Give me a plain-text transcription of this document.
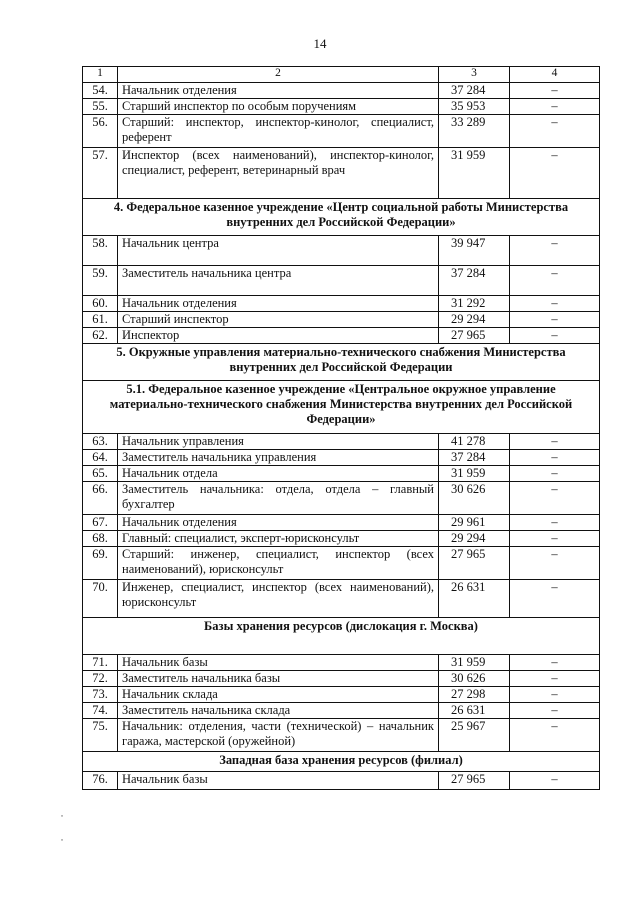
14
1	2	3	4
54.	Начальник отделения	37 284	–
55.	Старший инспектор по особым поручениям	35 953	–
56.	Старший: инспектор, инспектор-кинолог, специалист, референт	33 289	–
57.	Инспектор (всех наименований), инспектор-кинолог, специалист, референт, ветеринарный врач	31 959	–
4. Федеральное казенное учреждение «Центр социальной работы Министерства внутренних дел Российской Федерации»			
58.	Начальник центра	39 947	–
59.	Заместитель начальника центра	37 284	–
60.	Начальник отделения	31 292	–
61.	Старший инспектор	29 294	–
62.	Инспектор	27 965	–
5. Окружные управления материально-технического снабжения Министерства внутренних дел Российской Федерации			
5.1. Федеральное казенное учреждение «Центральное окружное управление материально-технического снабжения Министерства внутренних дел Российской Федерации»			
63.	Начальник управления	41 278	–
64.	Заместитель начальника управления	37 284	–
65.	Начальник отдела	31 959	–
66.	Заместитель начальника: отдела, отдела – главный бухгалтер	30 626	–
67.	Начальник отделения	29 961	–
68.	Главный: специалист, эксперт-юрисконсульт	29 294	–
69.	Старший: инженер, специалист, инспектор (всех наименований), юрисконсульт	27 965	–
70.	Инженер, специалист, инспектор (всех наименований), юрисконсульт	26 631	–
Базы хранения ресурсов (дислокация г. Москва)			
71.	Начальник базы	31 959	–
72.	Заместитель начальника базы	30 626	–
73.	Начальник склада	27 298	–
74.	Заместитель начальника склада	26 631	–
75.	Начальник: отделения, части (технической) – начальник гаража, мастерской (оружейной)	25 967	–
Западная база хранения ресурсов (филиал)			
76.	Начальник базы	27 965	–
˙
˙
